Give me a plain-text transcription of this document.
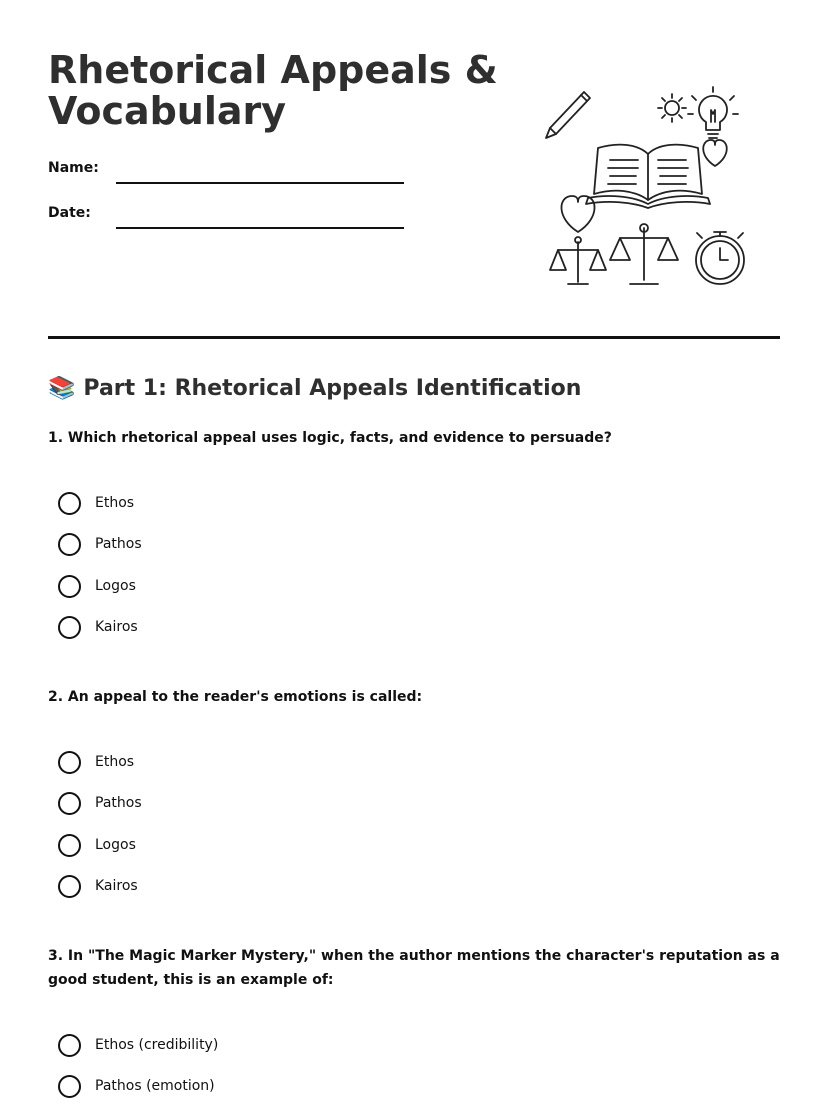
Rhetorical Appeals &
Vocabulary
Name:
Date:
📚 Part 1: Rhetorical Appeals Identification

1. Which rhetorical appeal uses logic, facts, and evidence to persuade?

Ethos
Pathos
Logos
Kairos

2. An appeal to the reader's emotions is called:

Ethos
Pathos
Logos
Kairos

3. In "The Magic Marker Mystery," when the author mentions the character's reputation as a good student, this is an example of:

Ethos (credibility)
Pathos (emotion)
